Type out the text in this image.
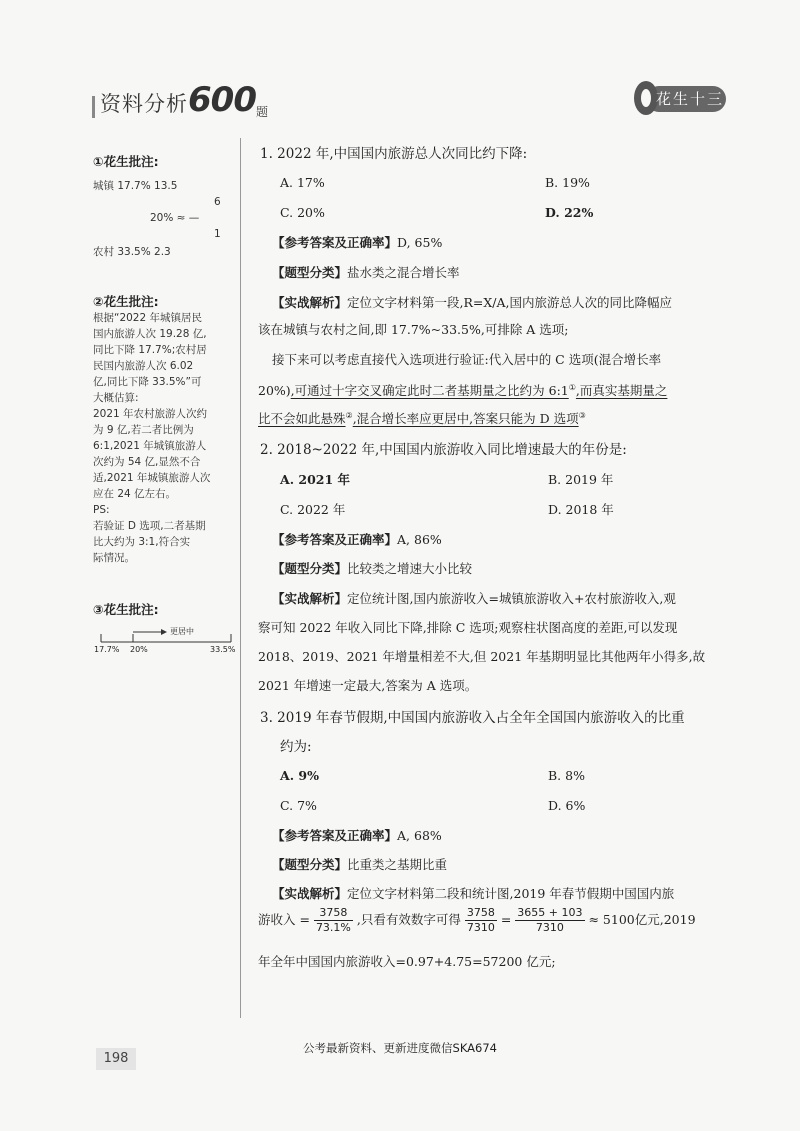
资料分析600题
花生十三
①花生批注:
城镇 17.7% 13.5
6
20% ≈ —
1
农村 33.5% 2.3
②花生批注:
根据“2022 年城镇居民
国内旅游人次 19.28 亿,
同比下降 17.7%;农村居
民国内旅游人次 6.02
亿,同比下降 33.5%”可
大概估算:
2021 年农村旅游人次约
为 9 亿,若二者比例为
6:1,2021 年城镇旅游人
次约为 54 亿,显然不合
适,2021 年城镇旅游人次
应在 24 亿左右。
PS:
若验证 D 选项,二者基期
比大约为 3:1,符合实
际情况。
③花生批注:
更居中
17.7% 20%	33.5%
1. 2022 年,中国国内旅游总人次同比约下降:
A. 17%	B. 19%
C. 20%	D. 22%
【参考答案及正确率】D, 65%
【题型分类】盐水类之混合增长率
【实战解析】定位文字材料第一段,R=X/A,国内旅游总人次的同比降幅应
该在城镇与农村之间,即 17.7%~33.5%,可排除 A 选项;
接下来可以考虑直接代入选项进行验证:代入居中的 C 选项(混合增长率
20%),可通过十字交叉确定此时二者基期量之比约为 6:1①,而真实基期量之
比不会如此悬殊②,混合增长率应更居中,答案只能为 D 选项③
2. 2018~2022 年,中国国内旅游收入同比增速最大的年份是:
A. 2021 年	B. 2019 年
C. 2022 年	D. 2018 年
【参考答案及正确率】A, 86%
【题型分类】比较类之增速大小比较
【实战解析】定位统计图,国内旅游收入=城镇旅游收入+农村旅游收入,观
察可知 2022 年收入同比下降,排除 C 选项;观察柱状图高度的差距,可以发现
2018、2019、2021 年增量相差不大,但 2021 年基期明显比其他两年小得多,故
2021 年增速一定最大,答案为 A 选项。
3. 2019 年春节假期,中国国内旅游收入占全年全国国内旅游收入的比重
约为:
A. 9%	B. 8%
C. 7%	D. 6%
【参考答案及正确率】A, 68%
【题型分类】比重类之基期比重
【实战解析】定位文字材料第二段和统计图,2019 年春节假期中国国内旅
游收入 = $\frac{3758}{73.1\%}$ ,只看有效数字可得 $\frac{3758}{7310} = \frac{3655 + 103}{7310} \approx 5100$亿元,2019
年全年中国国内旅游收入=0.97+4.75=57200 亿元;
公考最新资料、更新进度微信SKA674
198
